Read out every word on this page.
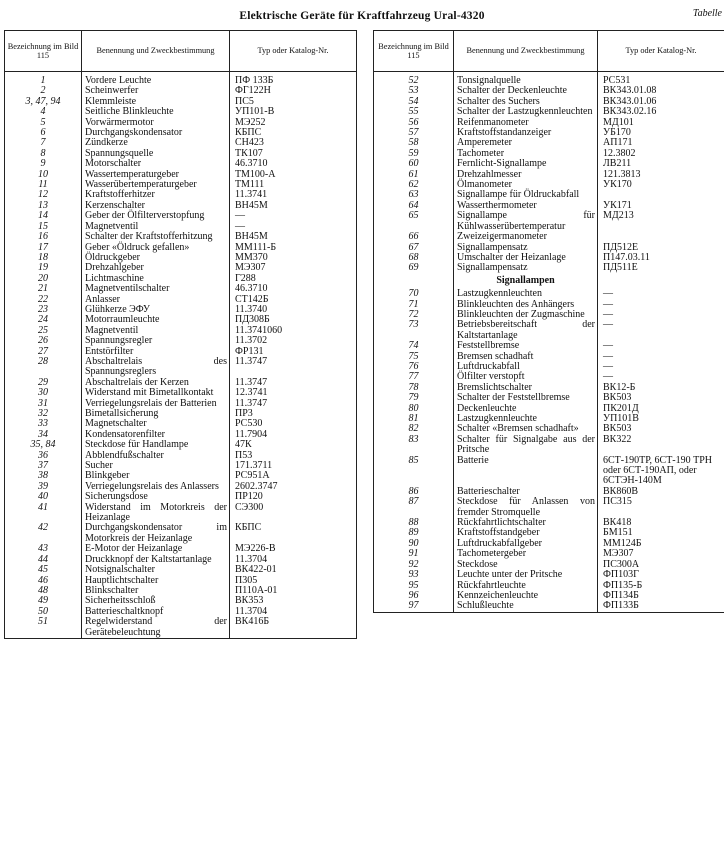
Elektrische Geräte für Kraftfahrzeug Ural-4320	Tabelle
Bezeichnung im Bild 115	Benennung und Zweckbestimmung	Typ oder Katalog-Nr.
1	Vordere Leuchte	ПФ 133Б
2	Scheinwerfer	ФГ122Н
3, 47, 94	Klemmleiste	ПС5
4	Seitliche Blinkleuchte	УП101-В
5	Vorwärmermotor	МЭ252
6	Durchgangskondensator	КБПС
7	Zündkerze	СН423
8	Spannungsquelle	ТК107
9	Motorschalter	46.3710
10	Wassertemperaturgeber	ТМ100-А
11	Wasserübertemperaturgeber	ТМ111
12	Kraftstofferhitzer	11.3741
13	Kerzenschalter	ВН45М
14	Geber der Ölfilterverstopfung	—
15	Magnetventil	—
16	Schalter der Kraftstofferhitzung	ВН45М
17	Geber «Öldruck gefallen»	ММ111-Б
18	Öldruckgeber	ММ370
19	Drehzahlgeber	МЭ307
20	Lichtmaschine	Г288
21	Magnetventilschalter	46.3710
22	Anlasser	СТ142Б
23	Glühkerze ЭФУ	11.3740
24	Motorraumleuchte	ПД308Б
25	Magnetventil	11.3741060
26	Spannungsregler	11.3702
27	Entstörfilter	ФР131
28	Abschaltrelais des Spannungsreglers	11.3747
29	Abschaltrelais der Kerzen	11.3747
30	Widerstand mit Bimetallkontakt	12.3741
31	Verriegelungsrelais der Batterien	11.3747
32	Bimetallsicherung	ПР3
33	Magnetschalter	РС530
34	Kondensatorenfilter	11.7904
35, 84	Steckdose für Handlampe	47К
36	Abblendfußschalter	П53
37	Sucher	171.3711
38	Blinkgeber	РС951А
39	Verriegelungsrelais des Anlassers	2602.3747
40	Sicherungsdose	ПР120
41	Widerstand im Motorkreis der Heizanlage	СЭ300
42	Durchgangskondensator im Motorkreis der Heizanlage	КБПС
43	E-Motor der Heizanlage	МЭ226-В
44	Druckknopf der Kaltstartanlage	11.3704
45	Notsignalschalter	ВК422-01
46	Hauptlichtschalter	П305
48	Blinkschalter	П110А-01
49	Sicherheitsschloß	ВК353
50	Batterieschaltknopf	11.3704
51	Regelwiderstand der Gerätebeleuchtung	ВК416Б
Bezeichnung im Bild 115	Benennung und Zweckbestimmung	Typ oder Katalog-Nr.
52	Tonsignalquelle	РС531
53	Schalter der Deckenleuchte	ВК343.01.08
54	Schalter des Suchers	ВК343.01.06
55	Schalter der Lastzugkennleuchten	ВК343.02.16
56	Reifenmanometer	МД101
57	Kraftstoffstandanzeiger	УБ170
58	Amperemeter	АП171
59	Tachometer	12.3802
60	Fernlicht-Signallampe	ЛВ211
61	Drehzahlmesser	121.3813
62	Ölmanometer	УК170
63	Signallampe für Öldruckabfall	
64	Wasserthermometer	УК171
65	Signallampe für Kühlwasserübertemperatur	МД213
66	Zweizeigermanometer	
67	Signallampensatz	ПД512Е
68	Umschalter der Heizanlage	П147.03.11
69	Signallampensatz	ПД511Е
	Signallampen	
70	Lastzugkennleuchten	—
71	Blinkleuchten des Anhängers	—
72	Blinkleuchten der Zugmaschine	—
73	Betriebsbereitschaft der Kaltstartanlage	—
74	Feststellbremse	—
75	Bremsen schadhaft	—
76	Luftdruckabfall	—
77	Ölfilter verstopft	—
78	Bremslichtschalter	ВК12-Б
79	Schalter der Feststellbremse	ВК503
80	Deckenleuchte	ПК201Д
81	Lastzugkennleuchte	УП101В
82	Schalter «Bremsen schadhaft»	ВК503
83	Schalter für Signalgabe aus der Pritsche	ВК322
85	Batterie	6СТ-190ТР, 6СТ-190 ТРН oder 6СТ-190АП, oder 6СТЭН-140М
86	Batterieschalter	ВК860В
87	Steckdose für Anlassen von fremder Stromquelle	ПС315
88	Rückfahrtlichtschalter	ВК418
89	Kraftstoffstandgeber	БМ151
90	Luftdruckabfallgeber	ММ124Б
91	Tachometergeber	МЭ307
92	Steckdose	ПС300А
93	Leuchte unter der Pritsche	ФП103Г
95	Rückfahrtleuchte	ФП135-Б
96	Kennzeichenleuchte	ФП134Б
97	Schlußleuchte	ФП133Б
